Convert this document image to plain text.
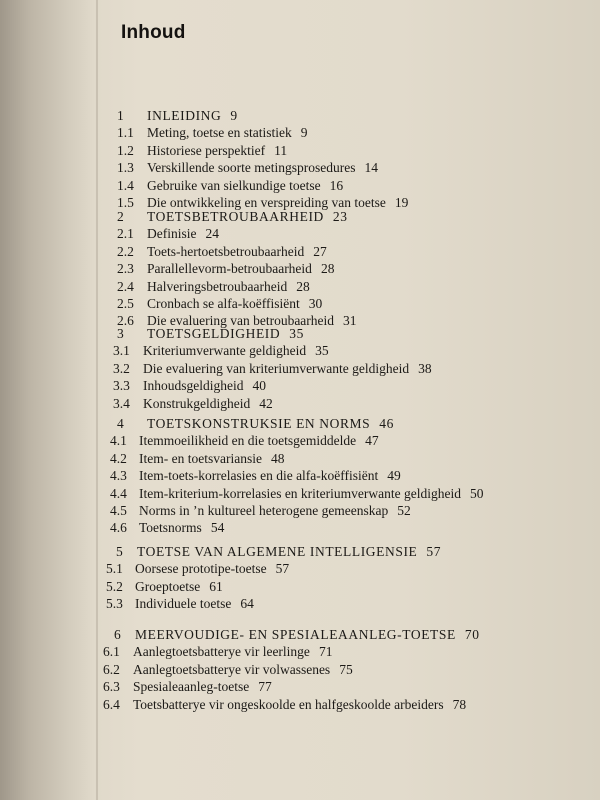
Inhoud
1 INLEIDING 9
1.1 Meting, toetse en statistiek 9
1.2 Historiese perspektief 11
1.3 Verskillende soorte metingsprosedures 14
1.4 Gebruike van sielkundige toetse 16
1.5 Die ontwikkeling en verspreiding van toetse 19
2 TOETSBETROUBAARHEID 23
2.1 Definisie 24
2.2 Toets-hertoetsbetroubaarheid 27
2.3 Parallellevorm-betroubaarheid 28
2.4 Halveringsbetroubaarheid 28
2.5 Cronbach se alfa-koëffisiënt 30
2.6 Die evaluering van betroubaarheid 31
3 TOETSGELDIGHEID 35
3.1 Kriteriumverwante geldigheid 35
3.2 Die evaluering van kriteriumverwante geldigheid 38
3.3 Inhoudsgeldigheid 40
3.4 Konstrukgeldigheid 42
4 TOETSKONSTRUKSIE EN NORMS 46
4.1 Itemmoeilikheid en die toetsgemiddelde 47
4.2 Item- en toetsvariansie 48
4.3 Item-toets-korrelasies en die alfa-koëffisiënt 49
4.4 Item-kriterium-korrelasies en kriteriumverwante geldigheid 50
4.5 Norms in ’n kultureel heterogene gemeenskap 52
4.6 Toetsnorms 54
5 TOETSE VAN ALGEMENE INTELLIGENSIE 57
5.1 Oorsese prototipe-toetse 57
5.2 Groeptoetse 61
5.3 Individuele toetse 64
6 MEERVOUDIGE- EN SPESIALEAANLEG-TOETSE 70
6.1 Aanlegtoetsbatterye vir leerlinge 71
6.2 Aanlegtoetsbatterye vir volwassenes 75
6.3 Spesialeaanleg-toetse 77
6.4 Toetsbatterye vir ongeskoolde en halfgeskoolde arbeiders 78
